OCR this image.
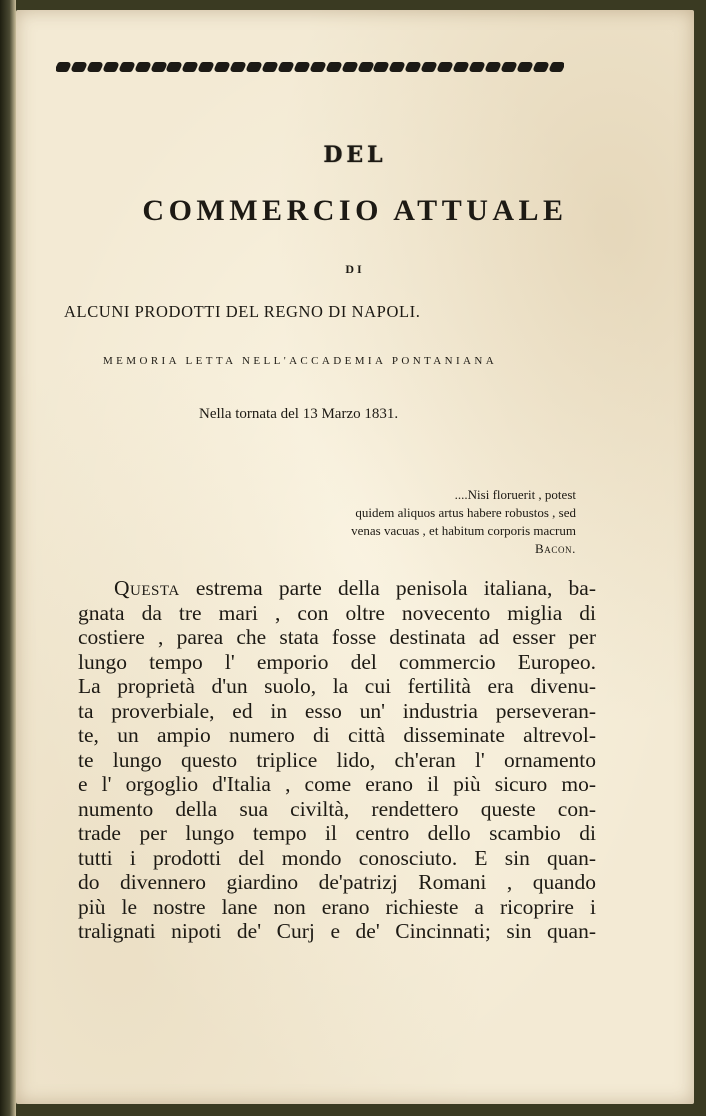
DEL
COMMERCIO ATTUALE
DI
ALCUNI PRODOTTI DEL REGNO DI NAPOLI.
MEMORIA LETTA NELL'ACCADEMIA PONTANIANA
Nella tornata del 13 Marzo 1831.
....Nisi floruerit , potest
quidem aliquos artus habere robustos , sed
venas vacuas , et habitum corporis macrum
Bacon.
Questa estrema parte della penisola italiana, ba-
gnata da tre mari , con oltre novecento miglia di
costiere , parea che stata fosse destinata ad esser per
lungo tempo l' emporio del commercio Europeo.
La proprietà d'un suolo, la cui fertilità era divenu-
ta proverbiale, ed in esso un' industria perseveran-
te, un ampio numero di città disseminate altrevol-
te lungo questo triplice lido, ch'eran l' ornamento
e l' orgoglio d'Italia , come erano il più sicuro mo-
numento della sua civiltà, rendettero queste con-
trade per lungo tempo il centro dello scambio di
tutti i prodotti del mondo conosciuto. E sin quan-
do divennero giardino de'patrizj Romani , quando
più le nostre lane non erano richieste a ricoprire i
tralignati nipoti de' Curj e de' Cincinnati; sin quan-
